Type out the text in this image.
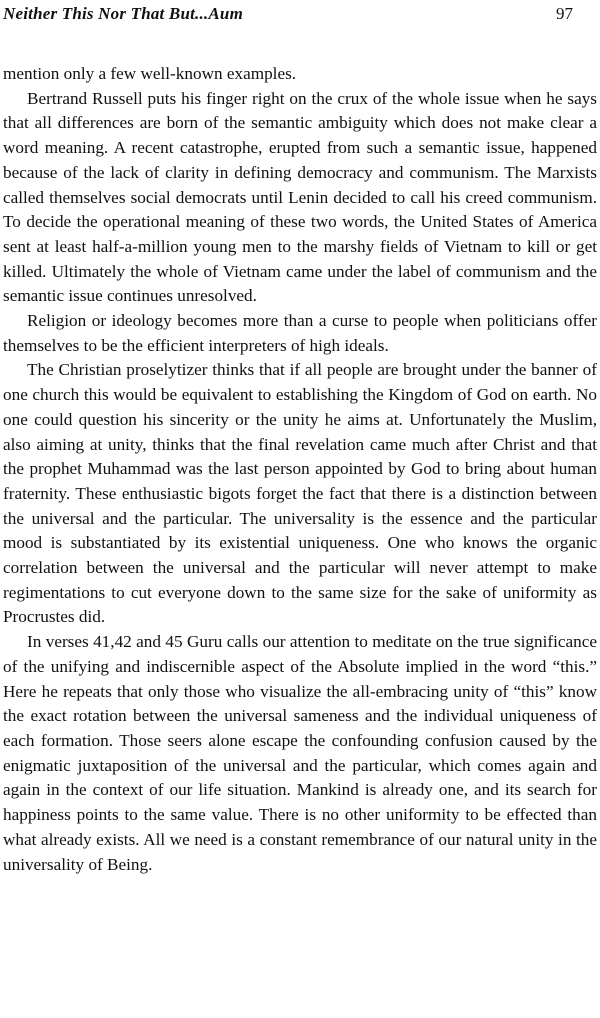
Neither This Nor That But...Aum	97

mention only a few well-known examples.

Bertrand Russell puts his finger right on the crux of the whole issue when he says that all differences are born of the semantic ambiguity which does not make clear a word meaning. A recent catastrophe, erupted from such a semantic issue, happened because of the lack of clarity in defining democracy and communism. The Marxists called themselves social democrats until Lenin decided to call his creed communism. To decide the operational meaning of these two words, the United States of America sent at least half-a-million young men to the marshy fields of Vietnam to kill or get killed. Ultimately the whole of Vietnam came under the label of communism and the semantic issue continues unresolved.

Religion or ideology becomes more than a curse to people when politicians offer themselves to be the efficient interpreters of high ideals.

The Christian proselytizer thinks that if all people are brought under the banner of one church this would be equivalent to establishing the Kingdom of God on earth. No one could question his sincerity or the unity he aims at. Unfortunately the Muslim, also aiming at unity, thinks that the final revelation came much after Christ and that the prophet Muhammad was the last person appointed by God to bring about human fraternity. These enthusiastic bigots forget the fact that there is a distinction between the universal and the particular. The universality is the essence and the particular mood is substantiated by its existential uniqueness. One who knows the organic correlation between the universal and the particular will never attempt to make regimentations to cut everyone down to the same size for the sake of uniformity as Procrustes did.

In verses 41,42 and 45 Guru calls our attention to meditate on the true significance of the unifying and indiscernible aspect of the Absolute implied in the word “this.” Here he repeats that only those who visualize the all-embracing unity of “this” know the exact rotation between the universal sameness and the individual uniqueness of each formation. Those seers alone escape the confounding confusion caused by the enigmatic juxtaposition of the universal and the particular, which comes again and again in the context of our life situation. Mankind is already one, and its search for happiness points to the same value. There is no other uniformity to be effected than what already exists. All we need is a constant remembrance of our natural unity in the universality of Being.
